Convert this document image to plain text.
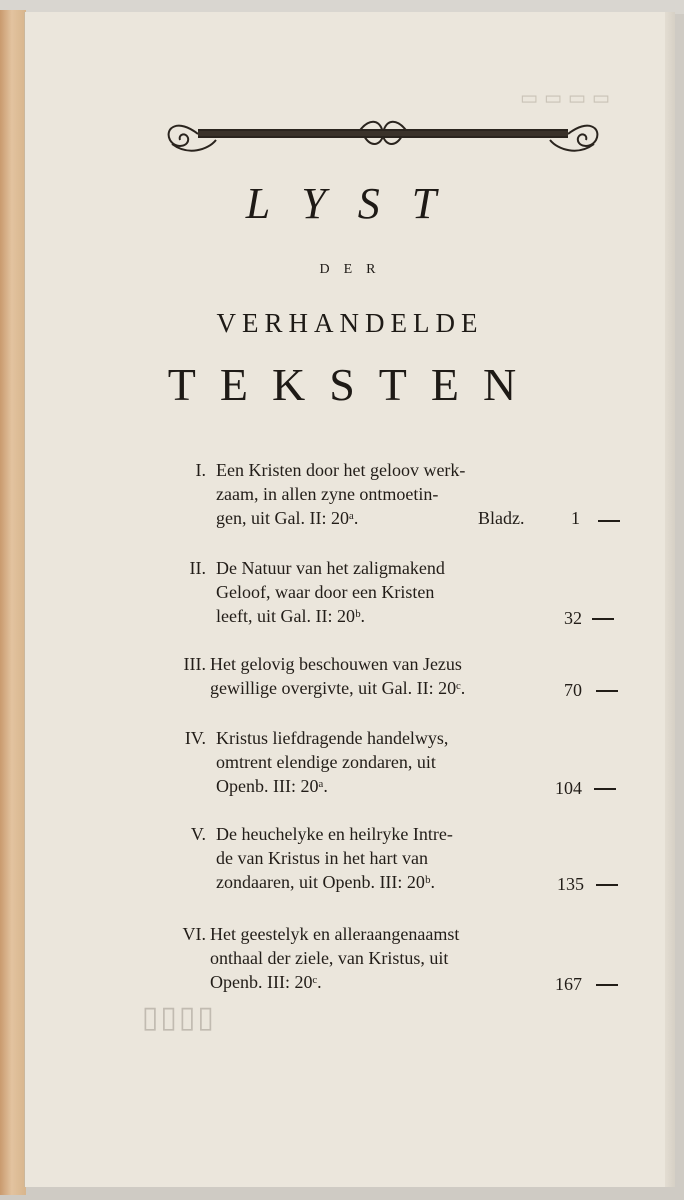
▭▭▭▭
▯▯▯▯
LYST
DER
VERHANDELDE
TEKSTEN
I. Een Kristen door het geloov werk-
zaam, in allen zyne ontmoetin-
gen, uit Gal. II: 20ᵃ.	Bladz.	1
II. De Natuur van het zaligmakend
Geloof, waar door een Kristen
leeft, uit Gal. II: 20ᵇ.	32
III. Het gelovig beschouwen van Jezus
gewillige overgivte, uit Gal. II: 20ᶜ.	70
IV. Kristus liefdragende handelwys,
omtrent elendige zondaren, uit
Openb. III: 20ᵃ.	104
V. De heuchelyke en heilryke Intre-
de van Kristus in het hart van
zondaaren, uit Openb. III: 20ᵇ.	135
VI. Het geestelyk en alleraangenaamst
onthaal der ziele, van Kristus, uit
Openb. III: 20ᶜ.	167
